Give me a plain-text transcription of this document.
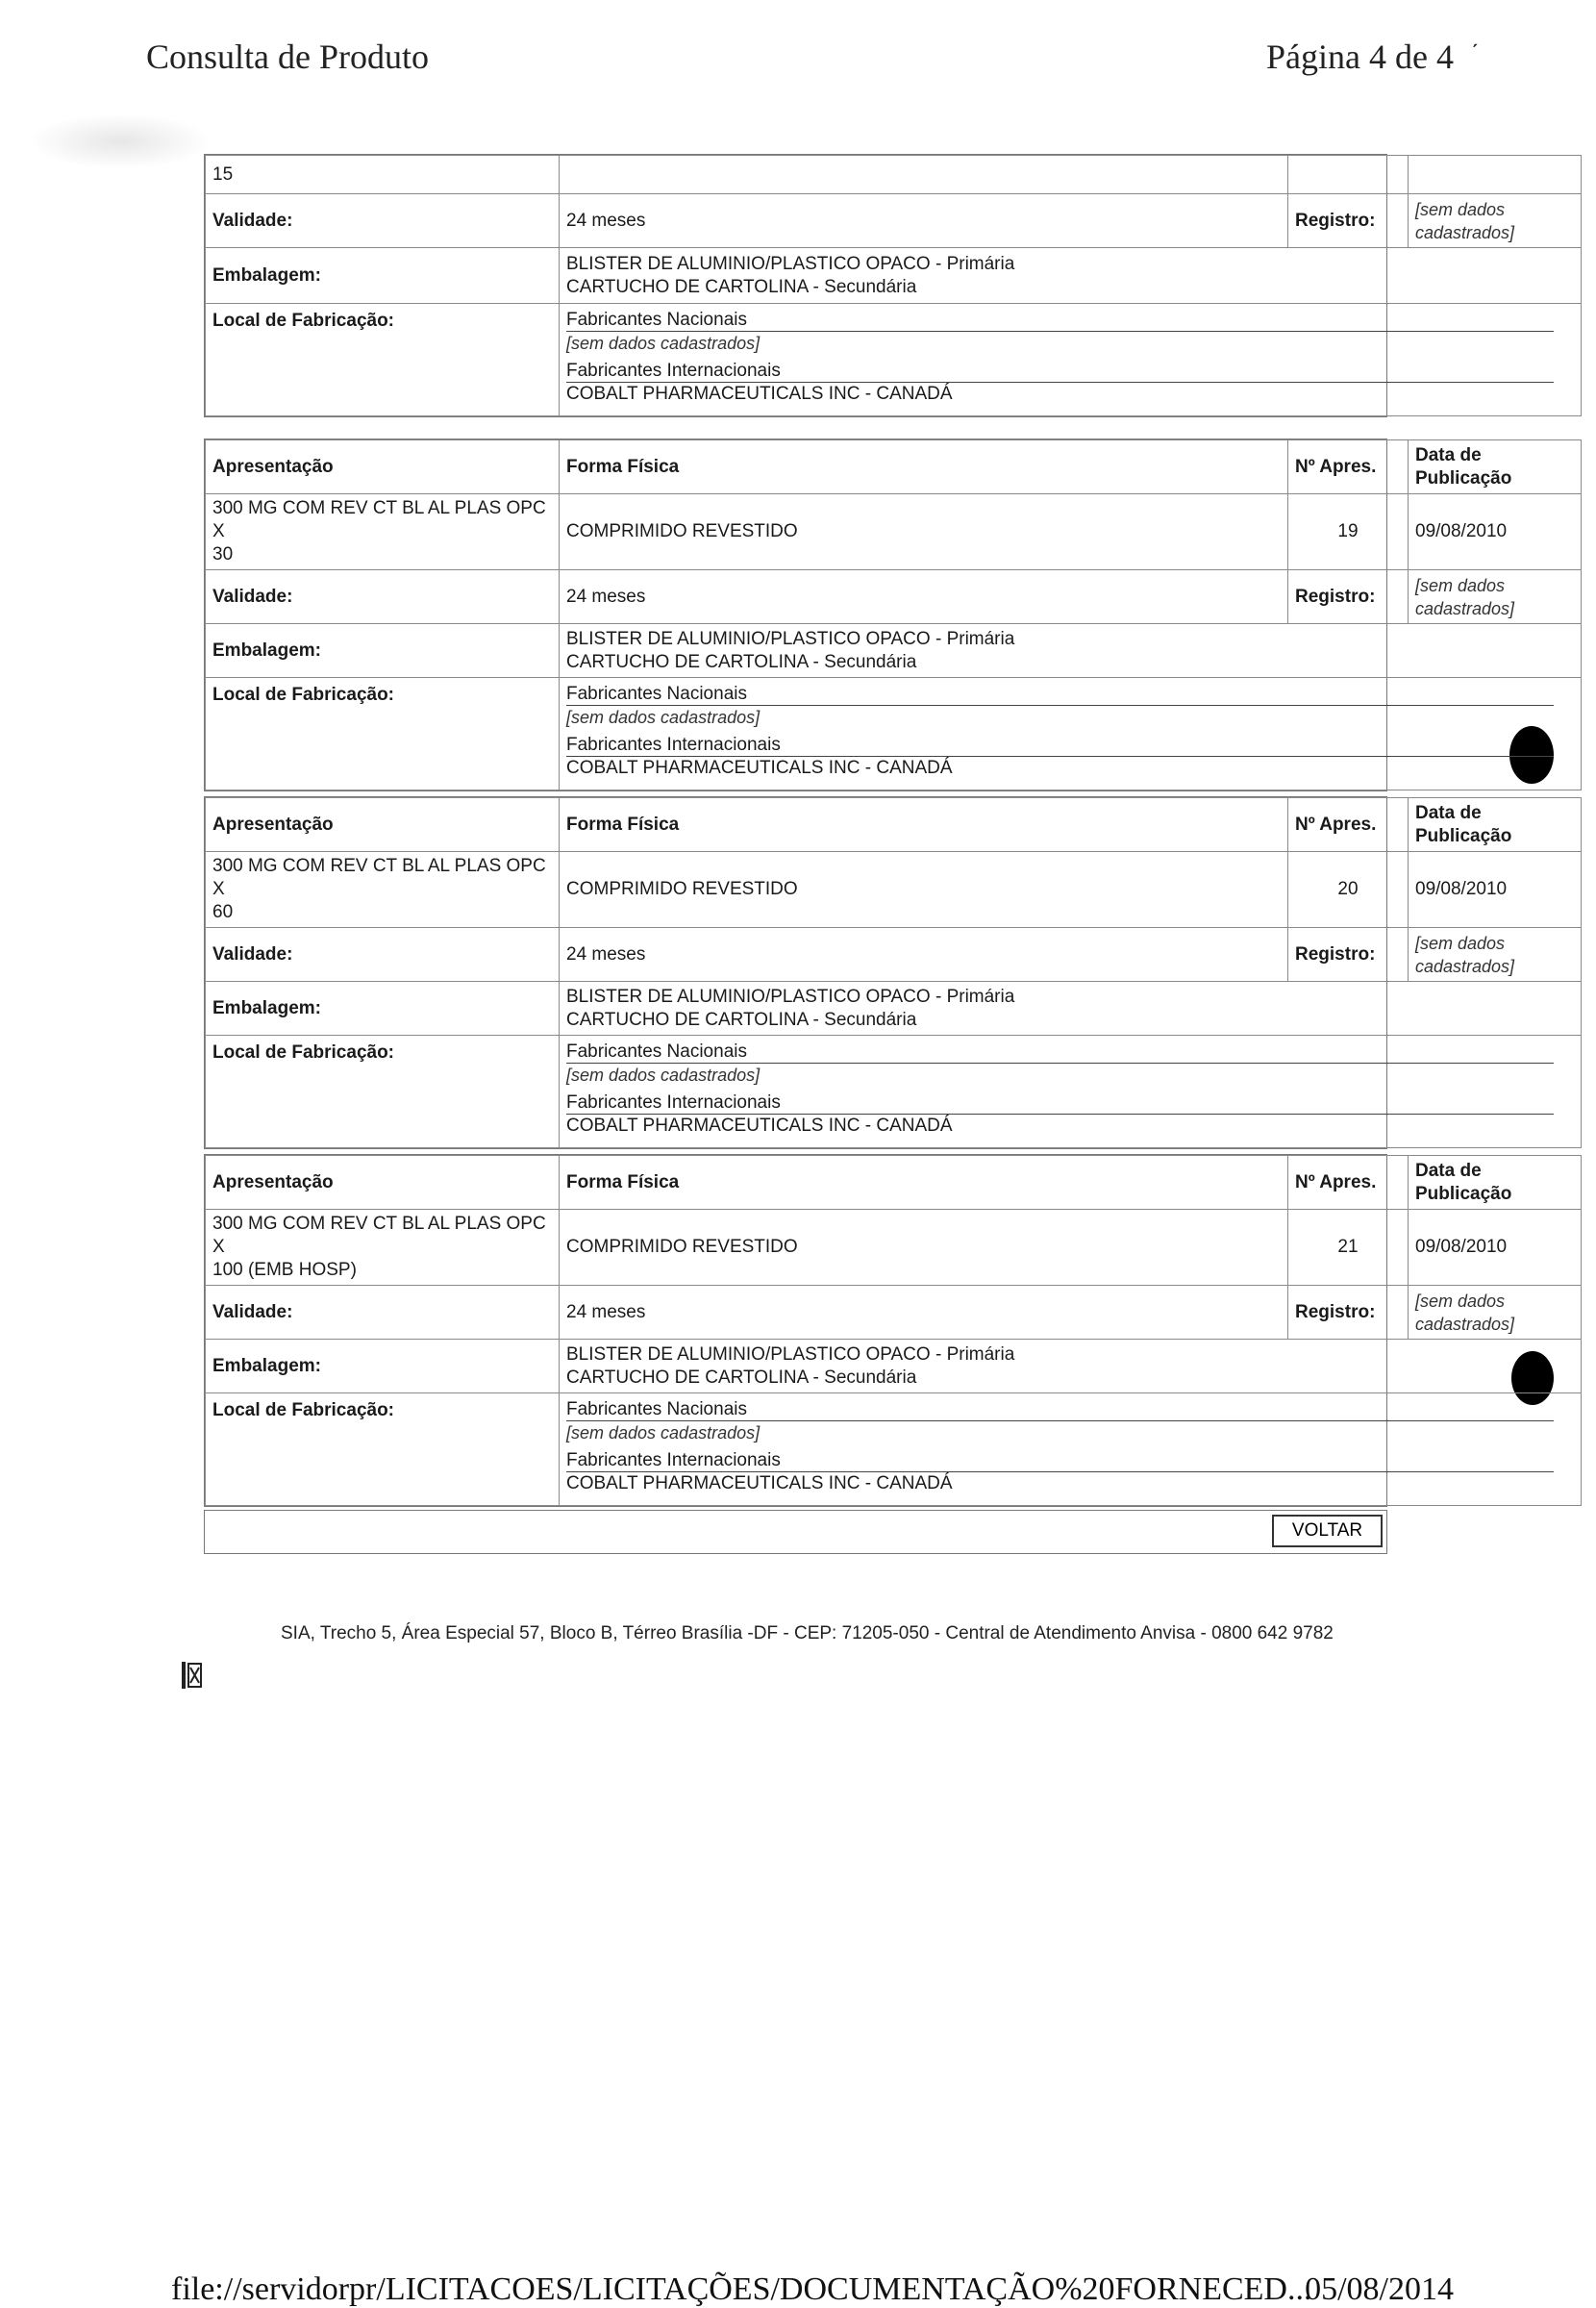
Consulta de Produto	Página 4 de 4 ˊ
15			
Validade:	24 meses	Registro:	[sem dados
cadastrados]
Embalagem:	BLISTER DE ALUMINIO/PLASTICO OPACO - Primária
CARTUCHO DE CARTOLINA - Secundária		
Local de Fabricação:	Fabricantes Nacionais
[sem dados cadastrados]
Fabricantes Internacionais
COBALT PHARMACEUTICALS INC - CANADÁ		
Apresentação	Forma Física	Nº Apres.	Data de
Publicação
300 MG COM REV CT BL AL PLAS OPC X
30	COMPRIMIDO REVESTIDO	19	09/08/2010
Validade:	24 meses	Registro:	[sem dados
cadastrados]
Embalagem:	BLISTER DE ALUMINIO/PLASTICO OPACO - Primária
CARTUCHO DE CARTOLINA - Secundária		
Local de Fabricação:	Fabricantes Nacionais
[sem dados cadastrados]
Fabricantes Internacionais
COBALT PHARMACEUTICALS INC - CANADÁ		
Apresentação	Forma Física	Nº Apres.	Data de
Publicação
300 MG COM REV CT BL AL PLAS OPC X
60	COMPRIMIDO REVESTIDO	20	09/08/2010
Validade:	24 meses	Registro:	[sem dados
cadastrados]
Embalagem:	BLISTER DE ALUMINIO/PLASTICO OPACO - Primária
CARTUCHO DE CARTOLINA - Secundária		
Local de Fabricação:	Fabricantes Nacionais
[sem dados cadastrados]
Fabricantes Internacionais
COBALT PHARMACEUTICALS INC - CANADÁ		
Apresentação	Forma Física	Nº Apres.	Data de
Publicação
300 MG COM REV CT BL AL PLAS OPC X
100 (EMB HOSP)	COMPRIMIDO REVESTIDO	21	09/08/2010
Validade:	24 meses	Registro:	[sem dados
cadastrados]
Embalagem:	BLISTER DE ALUMINIO/PLASTICO OPACO - Primária
CARTUCHO DE CARTOLINA - Secundária		
Local de Fabricação:	Fabricantes Nacionais
[sem dados cadastrados]
Fabricantes Internacionais
COBALT PHARMACEUTICALS INC - CANADÁ		
VOLTAR
SIA, Trecho 5, Área Especial 57, Bloco B, Térreo Brasília -DF - CEP: 71205-050 - Central de Atendimento Anvisa - 0800 642 9782
file://servidorpr/LICITACOES/LICITAÇÕES/DOCUMENTAÇÃO%20FORNECED...
05/08/2014
